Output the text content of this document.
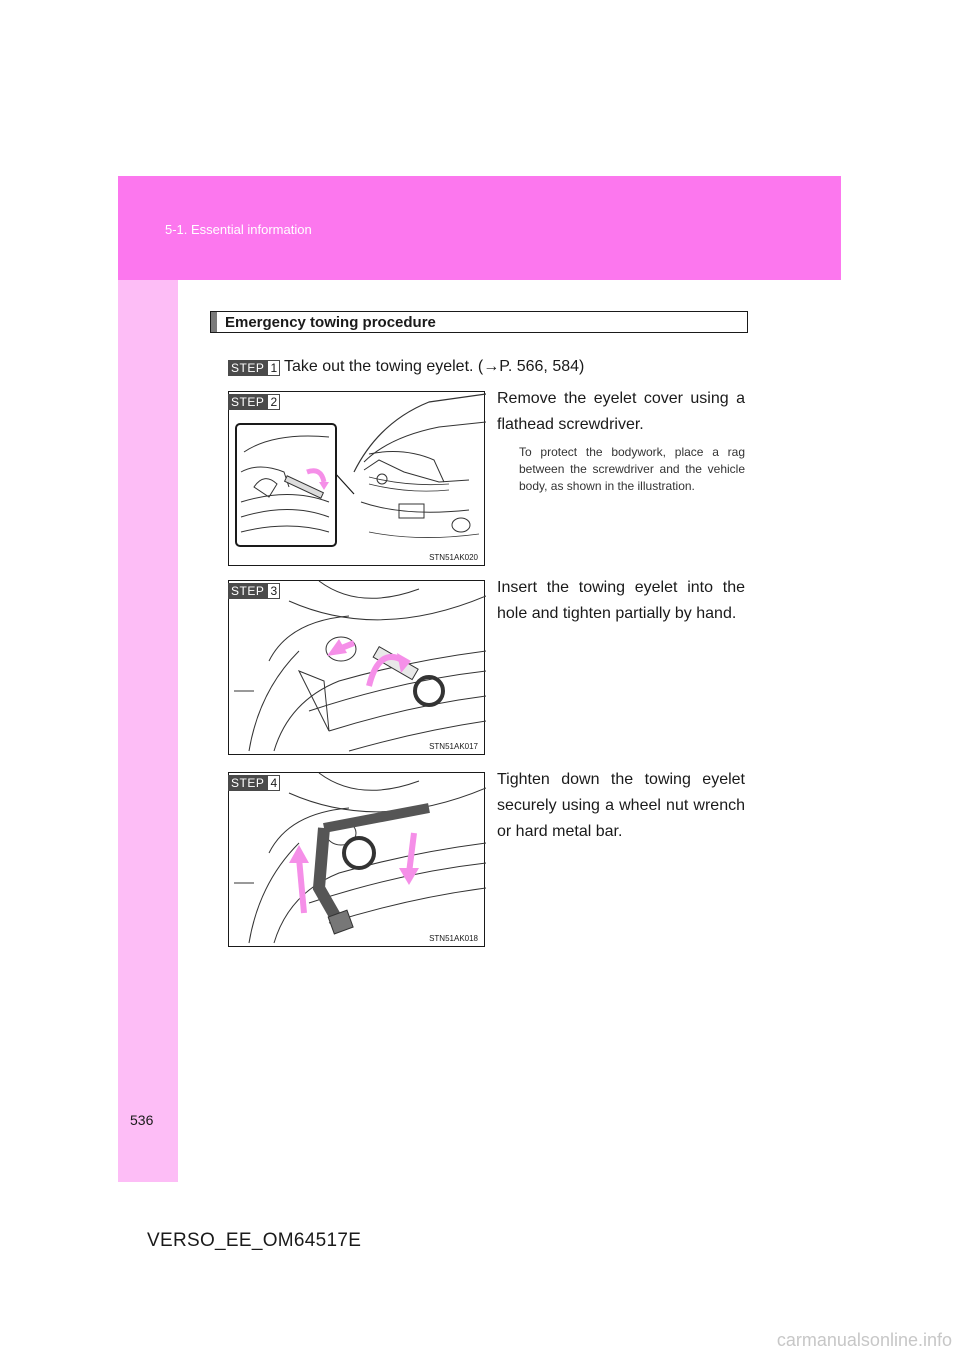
5-1. Essential information
Emergency towing procedure
STEP 1 Take out the towing eyelet. (→P. 566, 584)
STN51AK020
STEP 2	Remove the eyelet cover using a flathead screwdriver.
To protect the bodywork, place a rag between the screwdriver and the vehicle body, as shown in the illustration.
STN51AK017
STEP 3	Insert the towing eyelet into the hole and tighten partially by hand.
STN51AK018
STEP 4	Tighten down the towing eyelet securely using a wheel nut wrench or hard metal bar.
536
VERSO_EE_OM64517E
carmanualsonline.info
